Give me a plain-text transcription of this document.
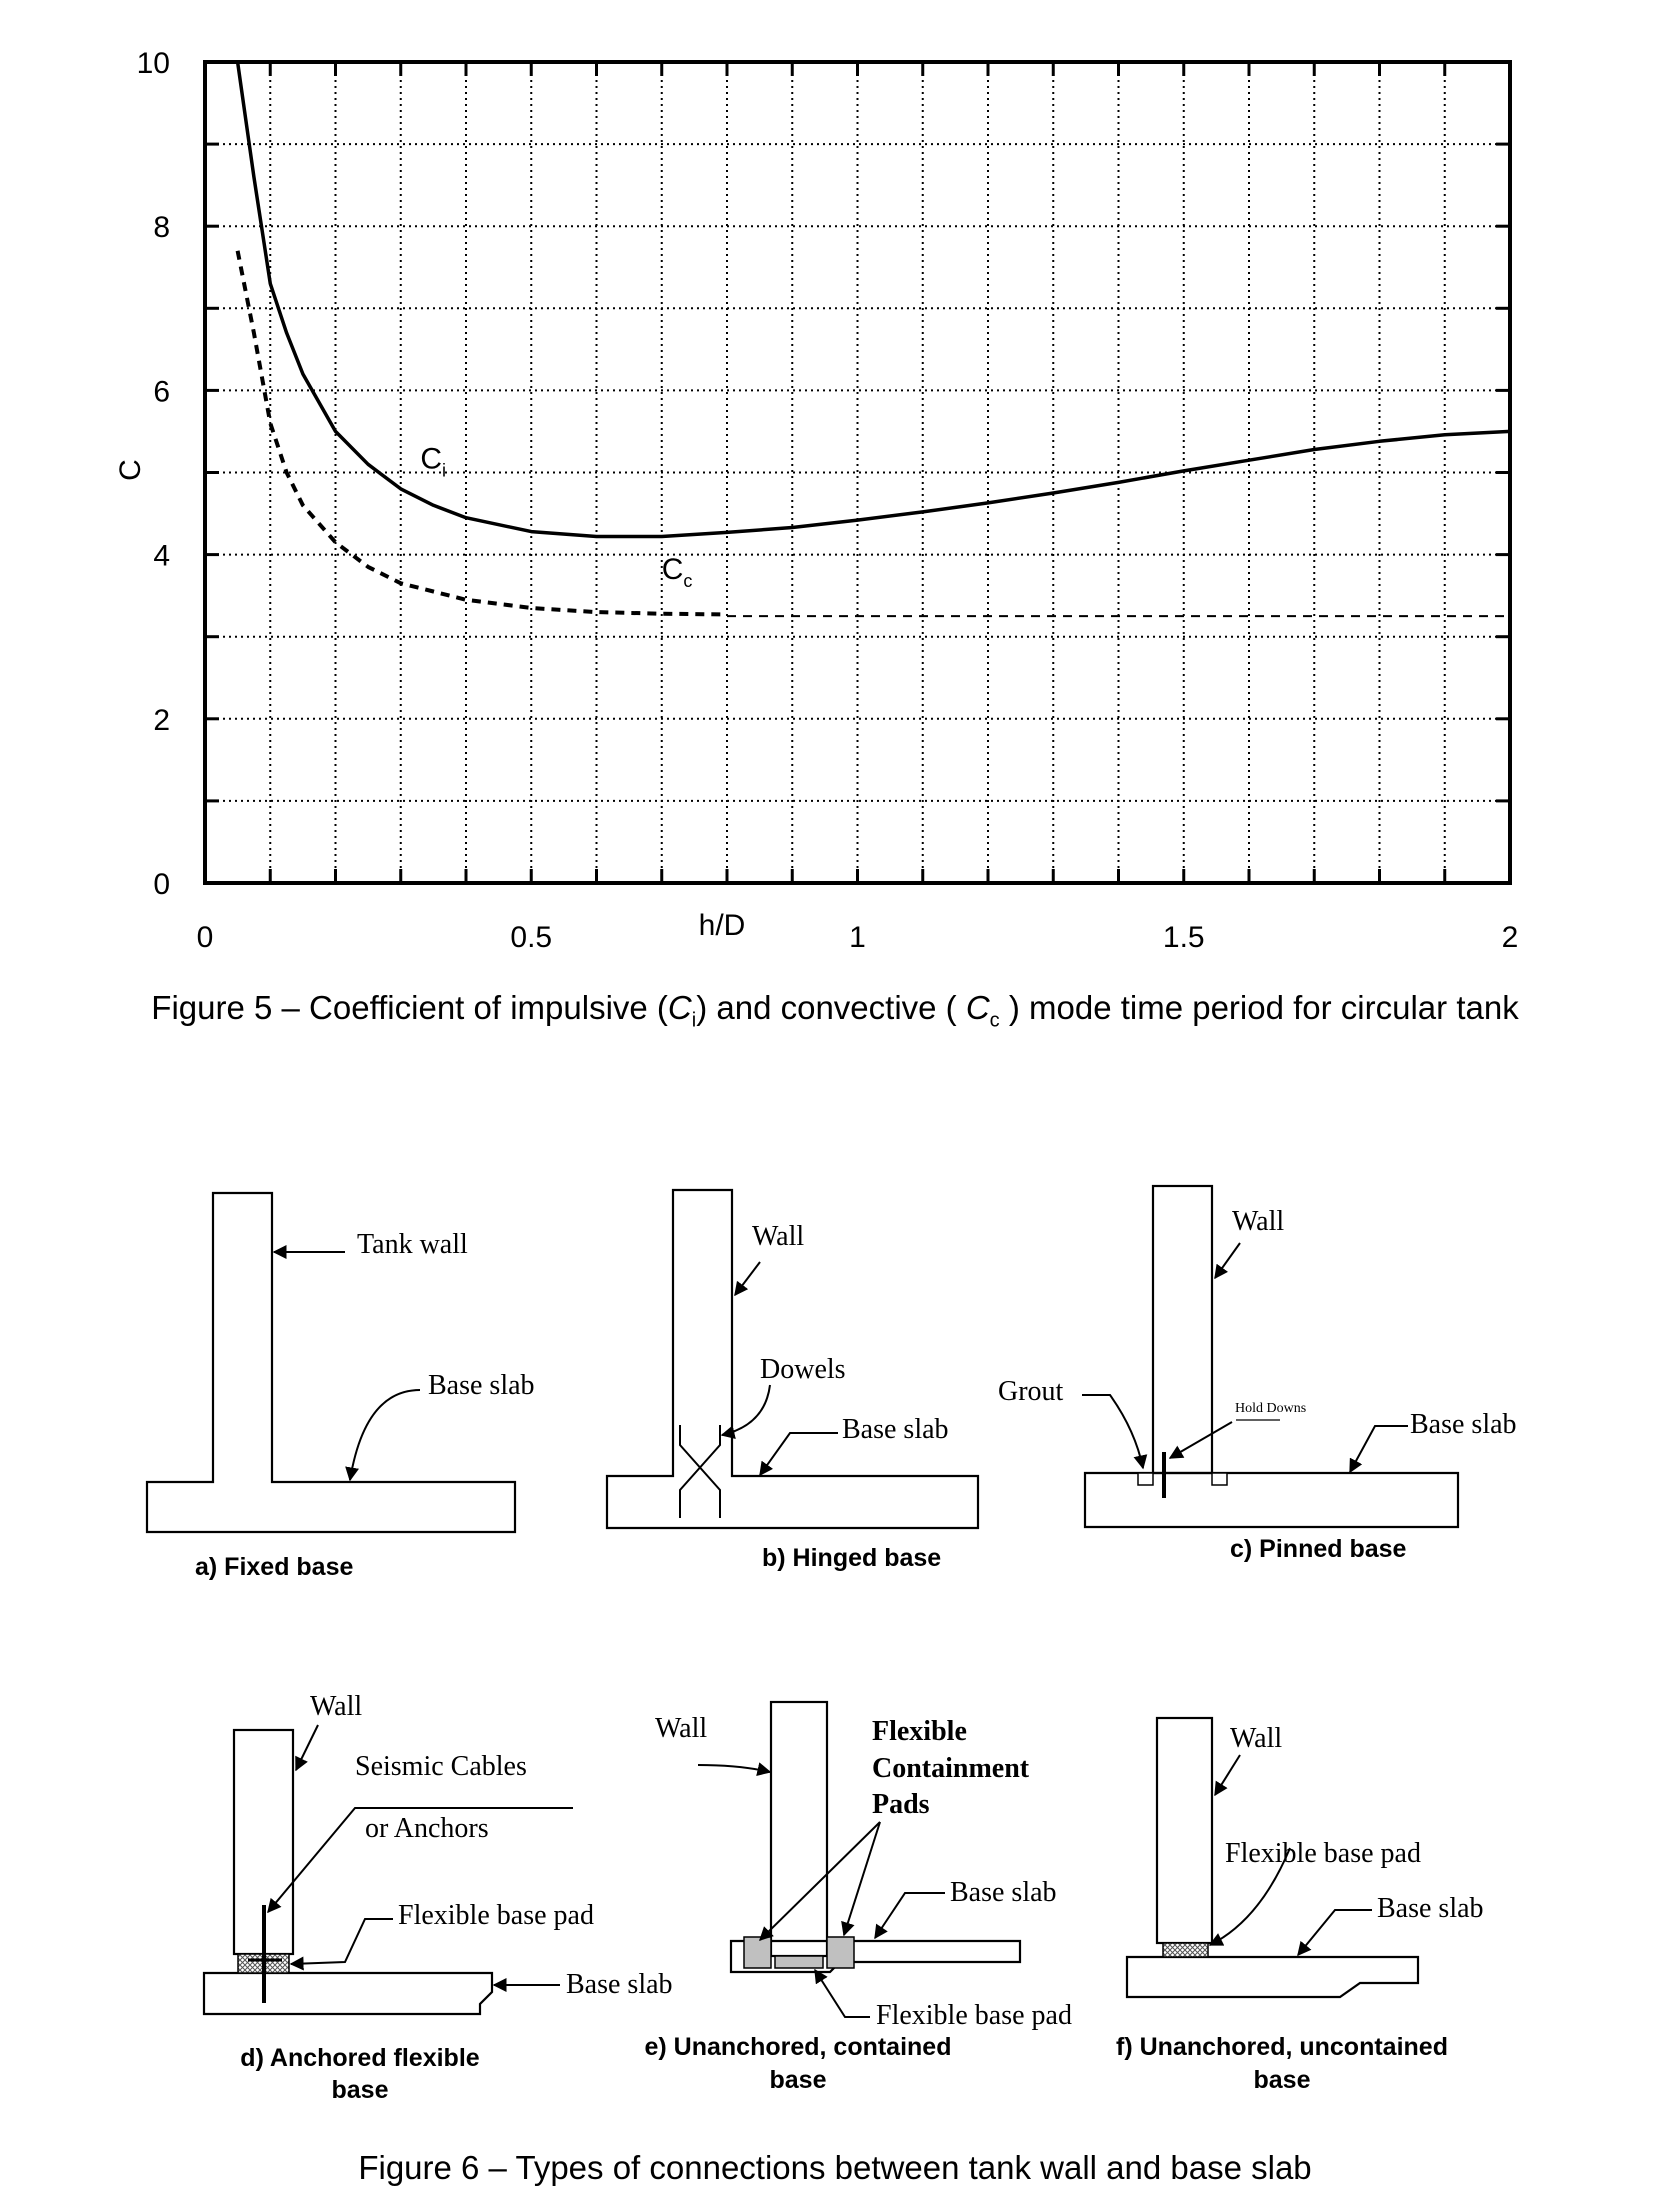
0	0.5	1	1.5	2
0
2
4
6
8
10
h/D
C	$C_i$
$C_c$
Figure 5 – Coefficient of impulsive $(C_i)$ and convective ( $C_c$ ) mode time period for circular tank
Tank wall
Base slab
a) Fixed base
Wall
Dowels
Base slab
b) Hinged base
Wall
Grout
Hold Downs
Base slab
c) Pinned base
Wall
Seismic Cables
or Anchors
Flexible base pad
Base slab
d) Anchored flexible
base
Wall	Flexible
Containment
Pads
Base slab
Flexible base pad
e) Unanchored, contained
base
Wall
Flexible base pad
Base slab
f) Unanchored, uncontained
base
Figure 6 – Types of connections between tank wall and base slab
